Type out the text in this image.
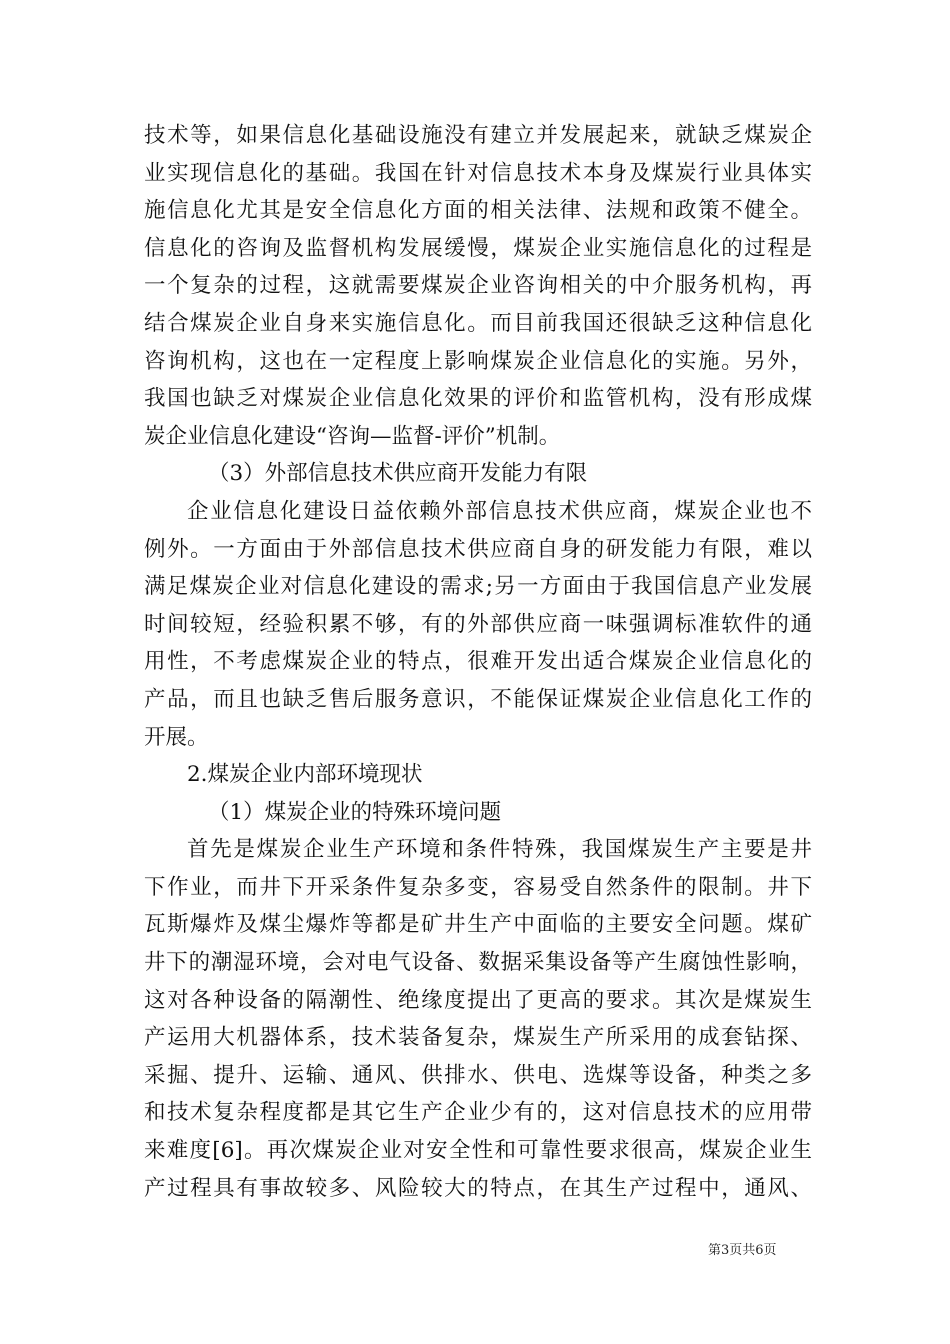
技术等，如果信息化基础设施没有建立并发展起来，就缺乏煤炭企
业实现信息化的基础。我国在针对信息技术本身及煤炭行业具体实
施信息化尤其是安全信息化方面的相关法律、法规和政策不健全。
信息化的咨询及监督机构发展缓慢，煤炭企业实施信息化的过程是
一个复杂的过程，这就需要煤炭企业咨询相关的中介服务机构，再
结合煤炭企业自身来实施信息化。而目前我国还很缺乏这种信息化
咨询机构，这也在一定程度上影响煤炭企业信息化的实施。另外，
我国也缺乏对煤炭企业信息化效果的评价和监管机构，没有形成煤
炭企业信息化建设“咨询—监督-评价”机制。
（3）外部信息技术供应商开发能力有限
企业信息化建设日益依赖外部信息技术供应商，煤炭企业也不
例外。一方面由于外部信息技术供应商自身的研发能力有限，难以
满足煤炭企业对信息化建设的需求;另一方面由于我国信息产业发展
时间较短，经验积累不够，有的外部供应商一味强调标准软件的通
用性，不考虑煤炭企业的特点，很难开发出适合煤炭企业信息化的
产品，而且也缺乏售后服务意识，不能保证煤炭企业信息化工作的
开展。
2.煤炭企业内部环境现状
（1）煤炭企业的特殊环境问题
首先是煤炭企业生产环境和条件特殊，我国煤炭生产主要是井
下作业，而井下开采条件复杂多变，容易受自然条件的限制。井下
瓦斯爆炸及煤尘爆炸等都是矿井生产中面临的主要安全问题。煤矿
井下的潮湿环境，会对电气设备、数据采集设备等产生腐蚀性影响，
这对各种设备的隔潮性、绝缘度提出了更高的要求。其次是煤炭生
产运用大机器体系，技术装备复杂，煤炭生产所采用的成套钻探、
采掘、提升、运输、通风、供排水、供电、选煤等设备，种类之多
和技术复杂程度都是其它生产企业少有的，这对信息技术的应用带
来难度[6]。再次煤炭企业对安全性和可靠性要求很高，煤炭企业生
产过程具有事故较多、风险较大的特点，在其生产过程中，通风、
第3页共6页
